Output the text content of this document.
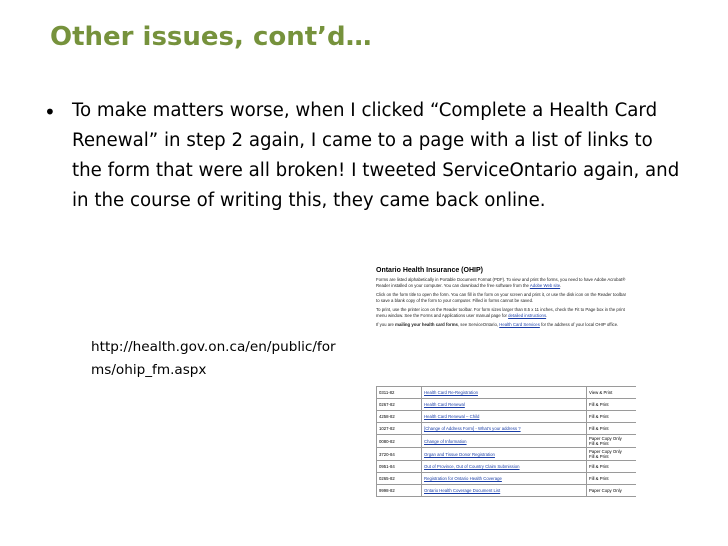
Other issues, cont’d…
• To make matters worse, when I clicked “Complete a Health Card Renewal” in step 2 again, I came to a page with a list of links to the form that were all broken! I tweeted ServiceOntario again, and in the course of writing this, they came back online.
http://health.gov.on.ca/en/public/forms/ohip_fm.aspx
Ontario Health Insurance (OHIP)

Forms are listed alphabetically in Portable Document Format (PDF). To view and print the forms, you need to have Adobe Acrobat® Reader installed on your computer. You can download the free software from the Adobe Web site.

Click on the form title to open the form. You can fill in the form on your screen and print it, or use the disk icon on the Reader toolbar to save a blank copy of the form to your computer. Filled in forms cannot be saved.

To print, use the printer icon on the Reader toolbar. For form sizes larger than 8.5 x 11 inches, check the Fit to Page box in the print menu window. See the Forms and Applications user manual page for detailed instructions.

If you are mailing your health card forms, see ServiceOntario, Health Card Services for the address of your local OHIP office.

0311-82	Health Card Re-Registration	View & Print
0267-82	Health Card Renewal	Fill & Print
4258-82	Health Card Renewal – Child	Fill & Print
1027-82	[Change of Address Form] - What's your address ?	Fill & Print
0080-82	Change of Information	Paper Copy Only
Fill & Print
3720-84	Organ and Tissue Donor Registration	Paper Copy Only
Fill & Print
0951-84	Out of Province, Out of Country Claim Submission	Fill & Print
0265-82	Registration for Ontario Health Coverage	Fill & Print
9998-82	Ontario Health Coverage Document List	Paper Copy Only
